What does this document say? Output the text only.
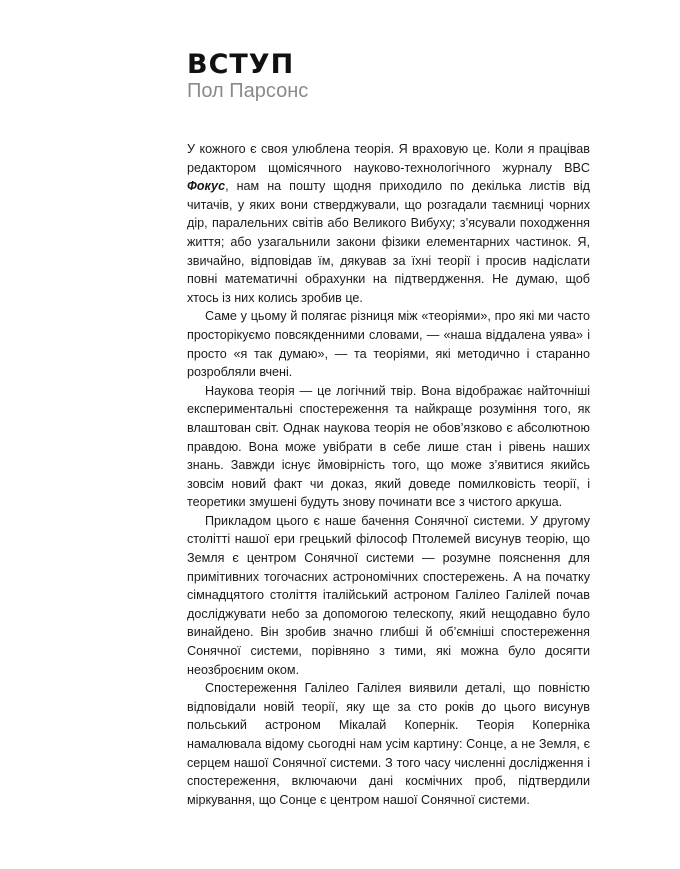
ВСТУП
Пол Парсонс

У кожного є своя улюблена теорія. Я враховую це. Коли я працівав редактором щомісячного науково-технологічного журналу BBC Фокус, нам на пошту щодня приходило по декілька листів від читачів, у яких вони стверджували, що розгадали таємниці чорних дір, паралельних світів або Великого Вибуху; з’ясували походження життя; або узагальнили закони фізики елементарних частинок. Я, звичайно, відповідав їм, дякував за їхні теорії і просив надіслати повні математичні обрахунки на підтвердження. Не думаю, щоб хтось із них колись зробив це.

Саме у цьому й полягає різниця між «теоріями», про які ми часто просторікуємо повсякденними словами, — «наша віддалена уява» і просто «я так думаю», — та теоріями, які методично і старанно розробляли вчені.

Наукова теорія — це логічний твір. Вона відображає найточніші експериментальні спостереження та найкраще розуміння того, як влаштован світ. Однак наукова теорія не обов’язково є абсолютною правдою. Вона може увібрати в себе лише стан і рівень наших знань. Завжди існує ймовірність того, що може з’явитися якийсь зовсім новий факт чи доказ, який доведе помилковість теорії, і теоретики змушені будуть знову починати все з чистого аркуша.

Прикладом цього є наше бачення Сонячної системи. У другому столітті нашої ери грецький філософ Птолемей висунув теорію, що Земля є центром Сонячної системи — розумне пояснення для примітивних тогочасних астрономічних спостережень. А на початку сімнадцятого століття італійський астроном Галілео Галілей почав досліджувати небо за допомогою телескопу, який нещодавно було винайдено. Він зробив значно глибші й об’ємніші спостереження Сонячної системи, порівняно з тими, які можна було досягти неозброєним оком.

Спостереження Галілео Галілея виявили деталі, що повністю відповідали новій теорії, яку ще за сто років до цього висунув польський астроном Мікалай Копернік. Теорія Коперніка намалювала відому сьогодні нам усім картину: Сонце, а не Земля, є серцем нашої Сонячної системи. З того часу численні дослідження і спостереження, включаючи дані космічних проб, підтвердили міркування, що Сонце є центром нашої Сонячної системи.
